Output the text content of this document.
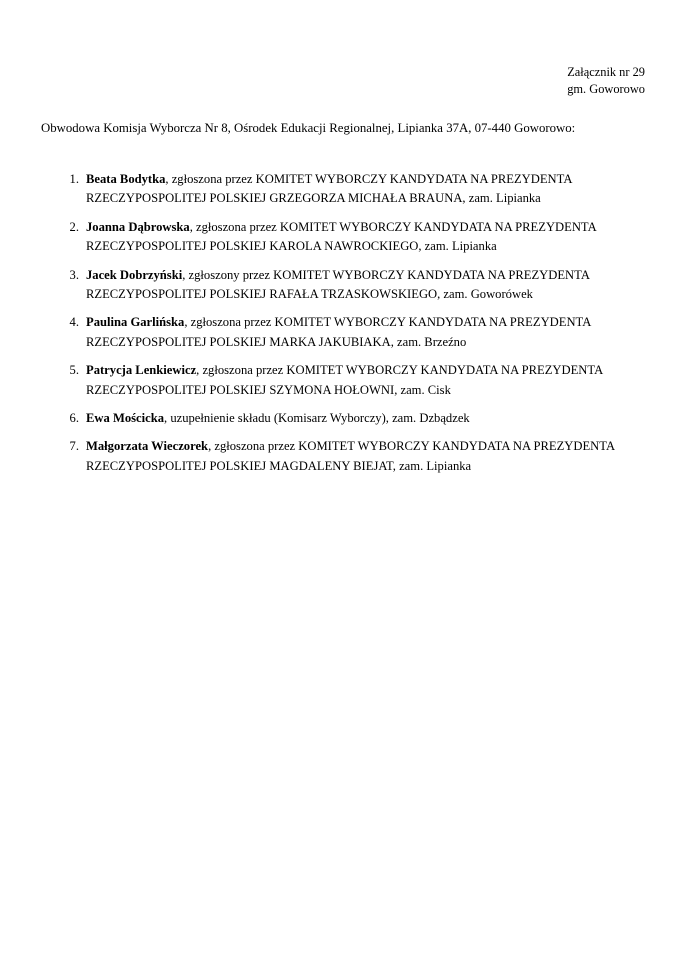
Załącznik nr 29
gm. Goworowo
Obwodowa Komisja Wyborcza Nr 8, Ośrodek Edukacji Regionalnej, Lipianka 37A, 07-440 Goworowo:
1. Beata Bodytka, zgłoszona przez KOMITET WYBORCZY KANDYDATA NA PREZYDENTA RZECZYPOSPOLITEJ POLSKIEJ GRZEGORZA MICHAŁA BRAUNA, zam. Lipianka
2. Joanna Dąbrowska, zgłoszona przez KOMITET WYBORCZY KANDYDATA NA PREZYDENTA RZECZYPOSPOLITEJ POLSKIEJ KAROLA NAWROCKIEGO, zam. Lipianka
3. Jacek Dobrzyński, zgłoszony przez KOMITET WYBORCZY KANDYDATA NA PREZYDENTA RZECZYPOSPOLITEJ POLSKIEJ RAFAŁA TRZASKOWSKIEGO, zam. Goworówek
4. Paulina Garlińska, zgłoszona przez KOMITET WYBORCZY KANDYDATA NA PREZYDENTA RZECZYPOSPOLITEJ POLSKIEJ MARKA JAKUBIAKA, zam. Brzeźno
5. Patrycja Lenkiewicz, zgłoszona przez KOMITET WYBORCZY KANDYDATA NA PREZYDENTA RZECZYPOSPOLITEJ POLSKIEJ SZYMONA HOŁOWNI, zam. Cisk
6. Ewa Mościcka, uzupełnienie składu (Komisarz Wyborczy), zam. Dzbądzek
7. Małgorzata Wieczorek, zgłoszona przez KOMITET WYBORCZY KANDYDATA NA PREZYDENTA RZECZYPOSPOLITEJ POLSKIEJ MAGDALENY BIEJAT, zam. Lipianka
